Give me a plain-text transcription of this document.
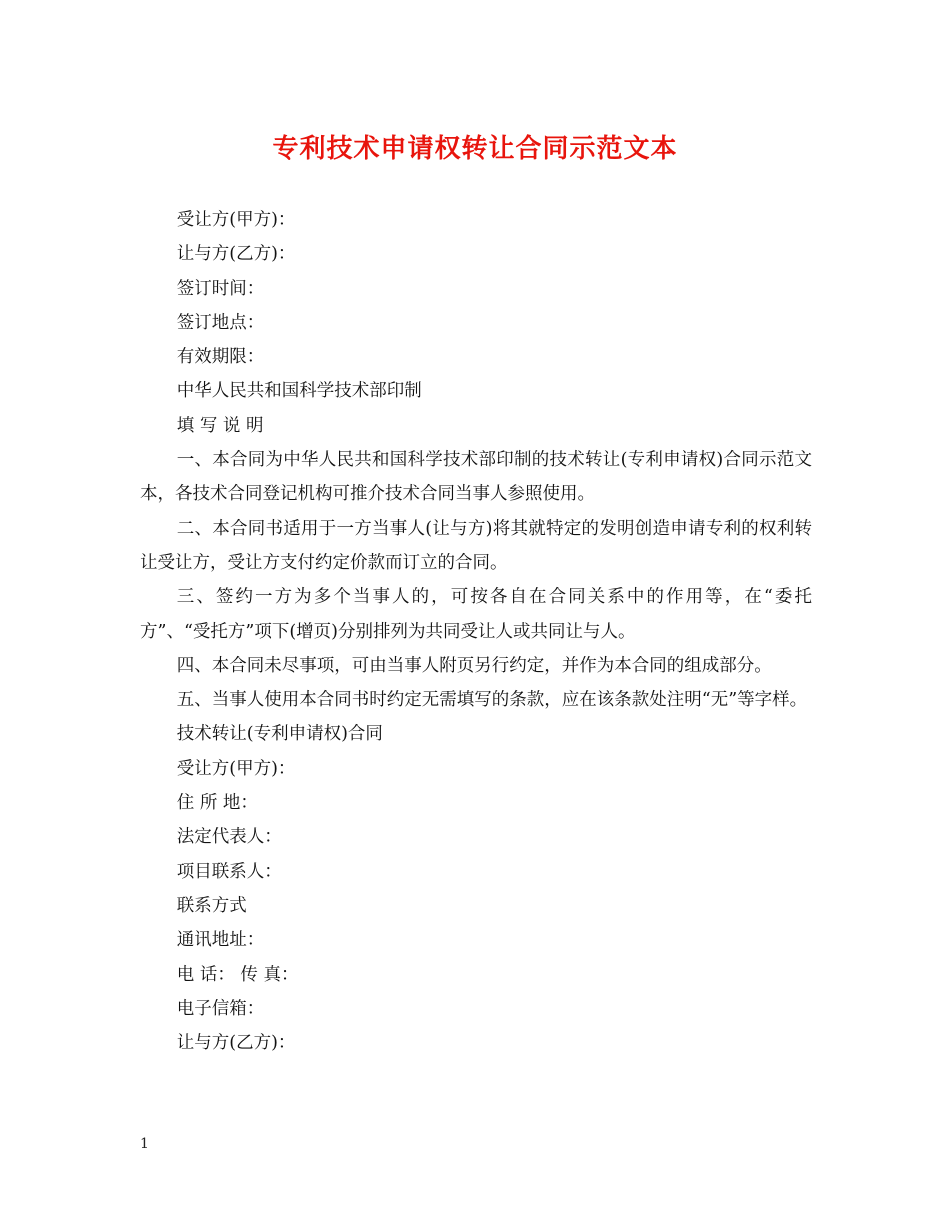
专利技术申请权转让合同示范文本

受让方(甲方)：

让与方(乙方)：

签订时间：

签订地点：

有效期限：

中华人民共和国科学技术部印制

填 写 说 明

一、本合同为中华人民共和国科学技术部印制的技术转让(专利申请权)合同示范文本，各技术合同登记机构可推介技术合同当事人参照使用。

二、本合同书适用于一方当事人(让与方)将其就特定的发明创造申请专利的权利转让受让方，受让方支付约定价款而订立的合同。

三、签约一方为多个当事人的，可按各自在合同关系中的作用等，在“委托方”、“受托方”项下(增页)分别排列为共同受让人或共同让与人。

四、本合同未尽事项，可由当事人附页另行约定，并作为本合同的组成部分。

五、当事人使用本合同书时约定无需填写的条款，应在该条款处注明“无”等字样。

技术转让(专利申请权)合同

受让方(甲方)：

住 所 地：

法定代表人：

项目联系人：

联系方式

通讯地址：

电 话： 传 真：

电子信箱：

让与方(乙方)：

1
